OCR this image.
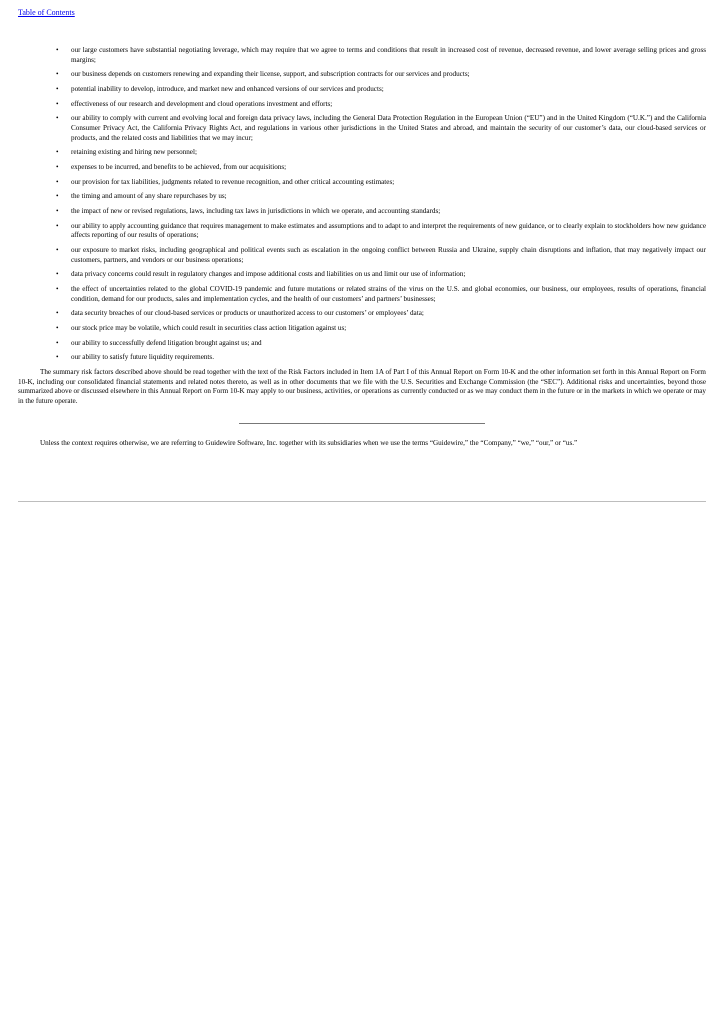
Table of Contents
• our large customers have substantial negotiating leverage, which may require that we agree to terms and conditions that result in increased cost of revenue, decreased revenue, and lower average selling prices and gross margins;
• our business depends on customers renewing and expanding their license, support, and subscription contracts for our services and products;
• potential inability to develop, introduce, and market new and enhanced versions of our services and products;
• effectiveness of our research and development and cloud operations investment and efforts;
• our ability to comply with current and evolving local and foreign data privacy laws, including the General Data Protection Regulation in the European Union (“EU”) and in the United Kingdom (“U.K.”) and the California Consumer Privacy Act, the California Privacy Rights Act, and regulations in various other jurisdictions in the United States and abroad, and maintain the security of our customer’s data, our cloud-based services or products, and the related costs and liabilities that we may incur;
• retaining existing and hiring new personnel;
• expenses to be incurred, and benefits to be achieved, from our acquisitions;
• our provision for tax liabilities, judgments related to revenue recognition, and other critical accounting estimates;
• the timing and amount of any share repurchases by us;
• the impact of new or revised regulations, laws, including tax laws in jurisdictions in which we operate, and accounting standards;
• our ability to apply accounting guidance that requires management to make estimates and assumptions and to adapt to and interpret the requirements of new guidance, or to clearly explain to stockholders how new guidance affects reporting of our results of operations;
• our exposure to market risks, including geographical and political events such as escalation in the ongoing conflict between Russia and Ukraine, supply chain disruptions and inflation, that may negatively impact our customers, partners, and vendors or our business operations;
• data privacy concerns could result in regulatory changes and impose additional costs and liabilities on us and limit our use of information;
• the effect of uncertainties related to the global COVID-19 pandemic and future mutations or related strains of the virus on the U.S. and global economies, our business, our employees, results of operations, financial condition, demand for our products, sales and implementation cycles, and the health of our customers’ and partners’ businesses;
• data security breaches of our cloud-based services or products or unauthorized access to our customers’ or employees’ data;
• our stock price may be volatile, which could result in securities class action litigation against us;
• our ability to successfully defend litigation brought against us; and
• our ability to satisfy future liquidity requirements.

The summary risk factors described above should be read together with the text of the Risk Factors included in Item 1A of Part I of this Annual Report on Form 10-K and the other information set forth in this Annual Report on Form 10-K, including our consolidated financial statements and related notes thereto, as well as in other documents that we file with the U.S. Securities and Exchange Commission (the “SEC”). Additional risks and uncertainties, beyond those summarized above or discussed elsewhere in this Annual Report on Form 10-K may apply to our business, activities, or operations as currently conducted or as we may conduct them in the future or in the markets in which we operate or may in the future operate.

Unless the context requires otherwise, we are referring to Guidewire Software, Inc. together with its subsidiaries when we use the terms “Guidewire,” the “Company,” “we,” “our,” or “us.”
